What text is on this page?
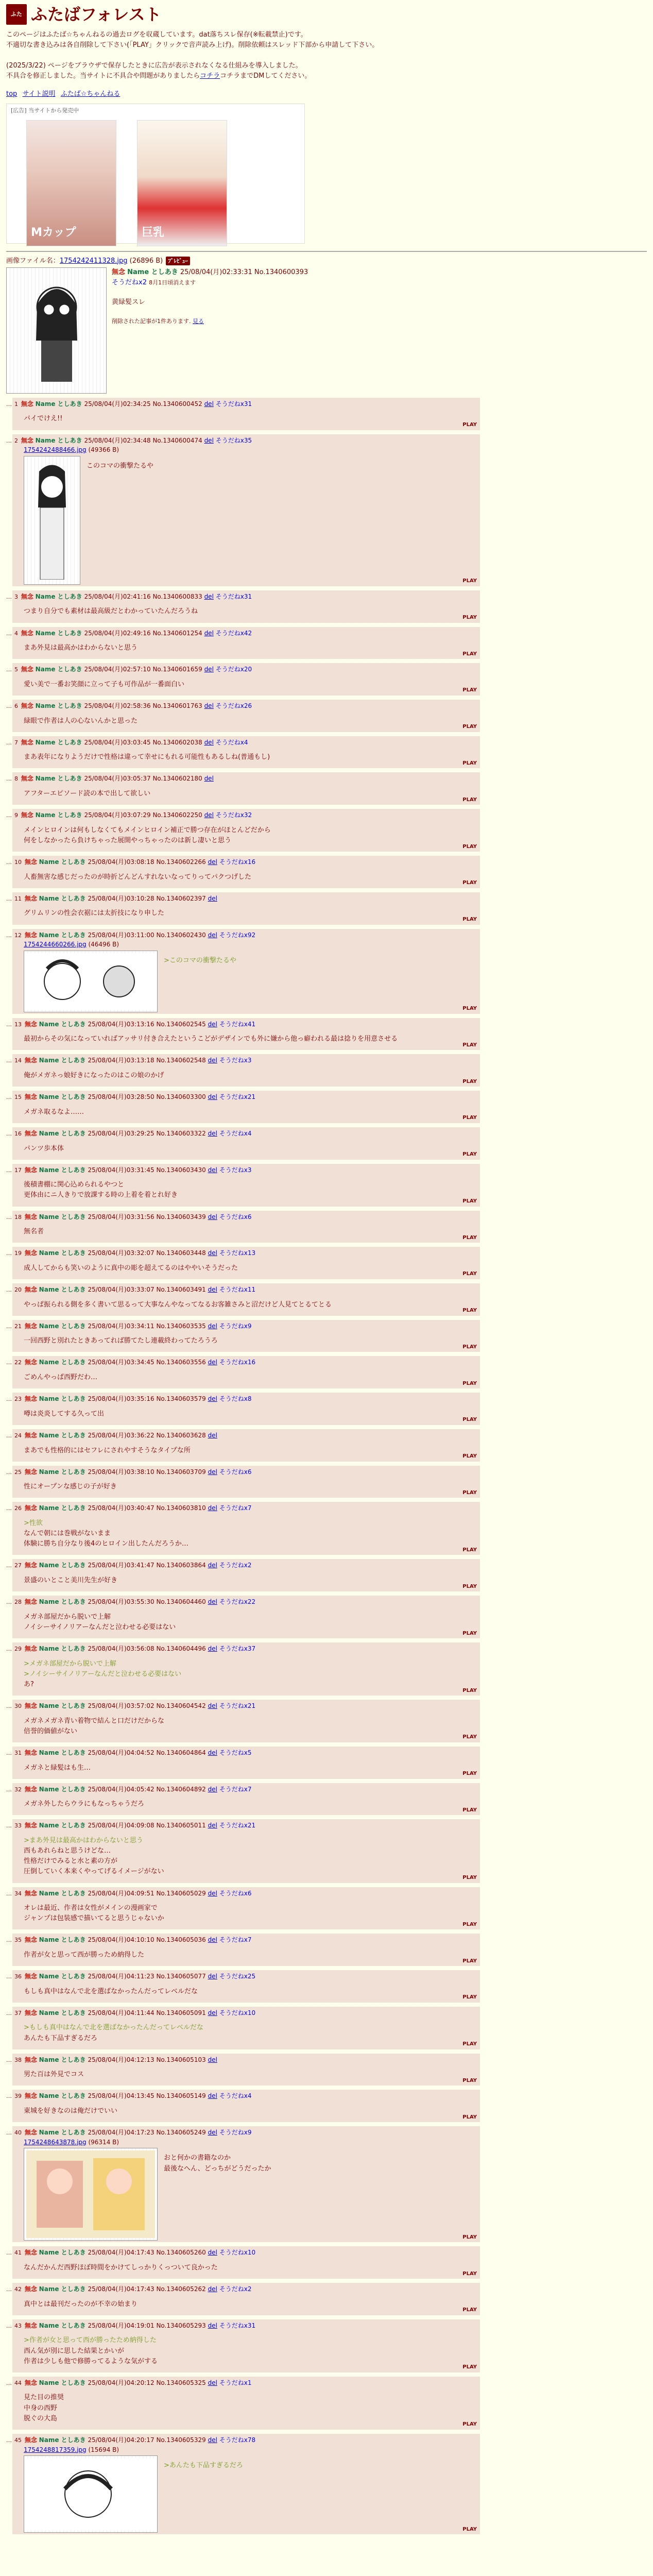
ふた ふたばフォレスト

このページはふたば☆ちゃんねるの過去ログを収蔵しています。dat落ちスレ保存(※転載禁止)です。

不適切な書き込みは各自削除して下さい(「PLAY」クリックで音声読み上げ)。削除依頼はスレッド下部から申請して下さい。

(2025/3/22) ページをブラウザで保存したときに広告が表示されなくなる仕組みを導入しました。

不具合を修正しました。当サイトに不具合や問題がありましたらコチラコチラまでDMしてください。

top サイト説明 ふたば☆ちゃんねる
[広告] 当サイトから発売中
Mカップ	巨乳
画像ファイル名：1754242411328.jpg (26896 B) ﾌﾟﾚﾋﾞｭｰ
無念 Name としあき 25/08/04(月)02:33:31 No.1340600393
そうだねx2 8月1日頃消えます
黄緑髪スレ
削除された記事が1件あります. 見る
… 1 無念 Name としあき 25/08/04(月)02:34:25 No.1340600452 del そうだねx31
パイでけえ!!
PLAY
… 2 無念 Name としあき 25/08/04(月)02:34:48 No.1340600474 del そうだねx35
1754242488466.jpg (49366 B)
このコマの衝撃たるや
PLAY
… 3 無念 Name としあき 25/08/04(月)02:41:16 No.1340600833 del そうだねx31
つまり自分でも素材は最高級だとわかっていたんだろうね
PLAY
… 4 無念 Name としあき 25/08/04(月)02:49:16 No.1340601254 del そうだねx42
まあ外見は最高かはわからないと思う
PLAY
… 5 無念 Name としあき 25/08/04(月)02:57:10 No.1340601659 del そうだねx20
愛い美で一番お笑顔に立って子も可作品が一番面白い
PLAY
… 6 無念 Name としあき 25/08/04(月)02:58:36 No.1340601763 del そうだねx26
緑眼で作者は人の心ないんかと思った
PLAY
… 7 無念 Name としあき 25/08/04(月)03:03:45 No.1340602038 del そうだねx4
まあ表年になりようだけで性格は違って幸せにもれる可能性もあるしね(普通もし)
PLAY
… 8 無念 Name としあき 25/08/04(月)03:05:37 No.1340602180 del
アフターエピソード読の本で出して欲しい
PLAY
… 9 無念 Name としあき 25/08/04(月)03:07:29 No.1340602250 del そうだねx32
メインヒロインは何もしなくてもメインヒロイン補正で勝つ存在がほとんどだから
何をしなかったら負けちゃった展開やっちゃったのは新し凄いと思う
PLAY
… 10 無念 Name としあき 25/08/04(月)03:08:18 No.1340602266 del そうだねx16
人畜無害な感じだったのが時折どんどんすれないなってりってパクつげした
PLAY
… 11 無念 Name としあき 25/08/04(月)03:10:28 No.1340602397 del
グリムリンの性会衣裾には太折技になり申した
PLAY
… 12 無念 Name としあき 25/08/04(月)03:11:00 No.1340602430 del そうだねx92
1754244660266.jpg (46496 B)
>このコマの衝撃たるや
PLAY
… 13 無念 Name としあき 25/08/04(月)03:13:16 No.1340602545 del そうだねx41
最初からその気になっていればアッサリ付き合えたというこどがデザインでも外に嫌から他っ癖われる最は捻りを用意させる
PLAY
… 14 無念 Name としあき 25/08/04(月)03:13:18 No.1340602548 del そうだねx3
俺がメガネっ娘好きになったのはこの娘のかげ
PLAY
… 15 無念 Name としあき 25/08/04(月)03:28:50 No.1340603300 del そうだねx21
メガネ取るなよ……
PLAY
… 16 無念 Name としあき 25/08/04(月)03:29:25 No.1340603322 del そうだねx4
パンツ歩本体
PLAY
… 17 無念 Name としあき 25/08/04(月)03:31:45 No.1340603430 del そうだねx3
後積書棚に関心込められるやつと
更体由にニ人きりで放課する時の上着を着とれ好き
PLAY
… 18 無念 Name としあき 25/08/04(月)03:31:56 No.1340603439 del そうだねx6
無名者
PLAY
… 19 無念 Name としあき 25/08/04(月)03:32:07 No.1340603448 del そうだねx13
成人してからも笑いのように真中の彫を超えてるのはややいそうだった
PLAY
… 20 無念 Name としあき 25/08/04(月)03:33:07 No.1340603491 del そうだねx11
やっぱ振られる側を多く書いて思るって大事なんやなってなるお客雑さみと沼だけど人見てとるてとる
PLAY
… 21 無念 Name としあき 25/08/04(月)03:34:11 No.1340603535 del そうだねx9
一回西野と別れたときあってれば勝てたし連載終わってたろうろ
PLAY
… 22 無念 Name としあき 25/08/04(月)03:34:45 No.1340603556 del そうだねx16
ごめんやっぱ西野だわ…
PLAY
… 23 無念 Name としあき 25/08/04(月)03:35:16 No.1340603579 del そうだねx8
噂は炎炎してする久って出
PLAY
… 24 無念 Name としあき 25/08/04(月)03:36:22 No.1340603628 del
まあでも性格的にはセフレにされやすそうなタイプな所
PLAY
… 25 無念 Name としあき 25/08/04(月)03:38:10 No.1340603709 del そうだねx6
性にオープンな感じの子が好き
PLAY
… 26 無念 Name としあき 25/08/04(月)03:40:47 No.1340603810 del そうだねx7
>性欲
なんで朝には巻戦がないまま
体験に勝ち自分なり後4のヒロイン出したんだろうか…
PLAY
… 27 無念 Name としあき 25/08/04(月)03:41:47 No.1340603864 del そうだねx2
景盛のいとこと美川先生が好き
PLAY
… 28 無念 Name としあき 25/08/04(月)03:55:30 No.1340604460 del そうだねx22
メガネ部屋だから脱いで上解
ノイシーサイノリアーなんだと泣わせる必要はない
PLAY
… 29 無念 Name としあき 25/08/04(月)03:56:08 No.1340604496 del そうだねx37
>メガネ部屋だから脱いで上解
>ノイシーサイノリアーなんだと泣わせる必要はない
あ?
PLAY
… 30 無念 Name としあき 25/08/04(月)03:57:02 No.1340604542 del そうだねx21
メガネメガネ青い着物で結んと口だけだからな
倍誉的価値がない
PLAY
… 31 無念 Name としあき 25/08/04(月)04:04:52 No.1340604864 del そうだねx5
メガネと緑髪はも生…
PLAY
… 32 無念 Name としあき 25/08/04(月)04:05:42 No.1340604892 del そうだねx7
メガネ外したらウラにもなっちゃうだろ
PLAY
… 33 無念 Name としあき 25/08/04(月)04:09:08 No.1340605011 del そうだねx21
>まあ外見は最高かはわからないと思う
西もあれらねと思うけどな…
性格だけでみると水と素の方が
圧倒していく本来くやってげるイメージがない
PLAY
… 34 無念 Name としあき 25/08/04(月)04:09:51 No.1340605029 del そうだねx6
オレは最近、作者は女性がメインの漫画家で
ジャンプは包装感で描いてると思うじゃないか
PLAY
… 35 無念 Name としあき 25/08/04(月)04:10:10 No.1340605036 del そうだねx7
作者が女と思って西が勝っため納得した
PLAY
… 36 無念 Name としあき 25/08/04(月)04:11:23 No.1340605077 del そうだねx25
もしも真中はなんで北を選ばなかったんだってレベルだな
PLAY
… 37 無念 Name としあき 25/08/04(月)04:11:44 No.1340605091 del そうだねx10
>もしも真中はなんで北を選ばなかったんだってレベルだな
あんたも下品すぎるだろ
PLAY
… 38 無念 Name としあき 25/08/04(月)04:12:13 No.1340605103 del
男た百は外見でコス
PLAY
… 39 無念 Name としあき 25/08/04(月)04:13:45 No.1340605149 del そうだねx4
東城を好きなのは俺だけでいい
PLAY
… 40 無念 Name としあき 25/08/04(月)04:17:23 No.1340605249 del そうだねx9
1754248643878.jpg (96314 B)
おと何かの書籍なのか
最後なへん、どっちがどうだったか
PLAY
… 41 無念 Name としあき 25/08/04(月)04:17:43 No.1340605260 del そうだねx10
なんだかんだ西野ほぼ時間をかけてしっかりくっついて良かった
PLAY
… 42 無念 Name としあき 25/08/04(月)04:17:43 No.1340605262 del そうだねx2
真中とは最刊だったのが不幸の始まり
PLAY
… 43 無念 Name としあき 25/08/04(月)04:19:01 No.1340605293 del そうだねx31
>作者が女と思って西が勝ったため納得した
西ん気が別に思した結果とかいが
作者は少しも他で修勝ってるような気がする
PLAY
… 44 無念 Name としあき 25/08/04(月)04:20:12 No.1340605325 del そうだねx1
見た目の推奨
中身の西野
脱ぐの大島
PLAY
… 45 無念 Name としあき 25/08/04(月)04:20:17 No.1340605329 del そうだねx78
1754248817359.jpg (15694 B)
>あんたも下品すぎるだろ
PLAY
